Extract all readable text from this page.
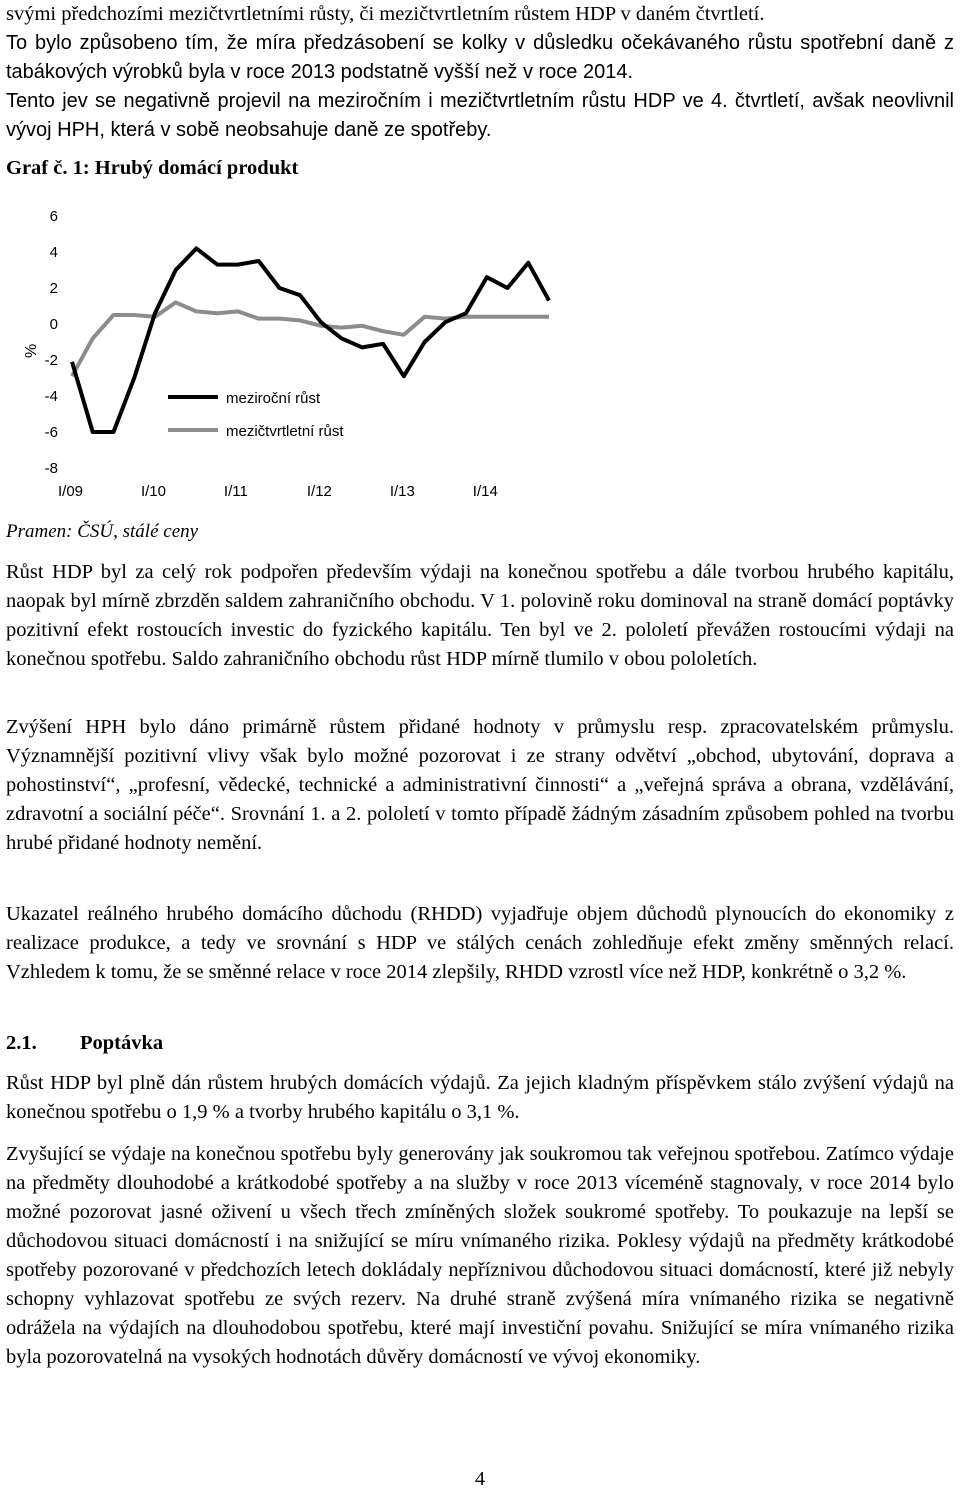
svými předchozími mezičtvrtletními růsty, či mezičtvrtletním růstem HDP v daném čtvrtletí.

To bylo způsobeno tím, že míra předzásobení se kolky v důsledku očekávaného růstu spotřební daně z tabákových výrobků byla v roce 2013 podstatně vyšší než v roce 2014.

Tento jev se negativně projevil na meziročním i mezičtvrtletním růstu HDP ve 4. čtvrtletí, avšak neovlivnil vývoj HPH, která v sobě neobsahuje daně ze spotřeby.

Graf č. 1: Hrubý domácí produkt
6
4
2
0
-2
-4
-6
-8
I/09	I/10	I/11	I/12	I/13	I/14
%
meziroční růst
mezičtvrtletní růst
Pramen: ČSÚ, stálé ceny

Růst HDP byl za celý rok podpořen především výdaji na konečnou spotřebu a dále tvorbou hrubého kapitálu, naopak byl mírně zbrzděn saldem zahraničního obchodu. V 1. polovině roku dominoval na straně domácí poptávky pozitivní efekt rostoucích investic do fyzického kapitálu. Ten byl ve 2. pololetí převážen rostoucími výdaji na konečnou spotřebu. Saldo zahraničního obchodu růst HDP mírně tlumilo v obou pololetích.

Zvýšení HPH bylo dáno primárně růstem přidané hodnoty v průmyslu resp. zpracovatelském průmyslu. Významnější pozitivní vlivy však bylo možné pozorovat i ze strany odvětví „obchod, ubytování, doprava a pohostinství“, „profesní, vědecké, technické a administrativní činnosti“ a „veřejná správa a obrana, vzdělávání, zdravotní a sociální péče“. Srovnání 1. a 2. pololetí v tomto případě žádným zásadním způsobem pohled na tvorbu hrubé přidané hodnoty nemění.

Ukazatel reálného hrubého domácího důchodu (RHDD) vyjadřuje objem důchodů plynoucích do ekonomiky z realizace produkce, a tedy ve srovnání s HDP ve stálých cenách zohledňuje efekt změny směnných relací. Vzhledem k tomu, že se směnné relace v roce 2014 zlepšily, RHDD vzrostl více než HDP, konkrétně o 3,2 %.

2.1.	Poptávka

Růst HDP byl plně dán růstem hrubých domácích výdajů. Za jejich kladným příspěvkem stálo zvýšení výdajů na konečnou spotřebu o 1,9 % a tvorby hrubého kapitálu o 3,1 %.

Zvyšující se výdaje na konečnou spotřebu byly generovány jak soukromou tak veřejnou spotřebou. Zatímco výdaje na předměty dlouhodobé a krátkodobé spotřeby a na služby v roce 2013 víceméně stagnovaly, v roce 2014 bylo možné pozorovat jasné oživení u všech třech zmíněných složek soukromé spotřeby. To poukazuje na lepší se důchodovou situaci domácností i na snižující se míru vnímaného rizika. Poklesy výdajů na předměty krátkodobé spotřeby pozorované v předchozích letech dokládaly nepříznivou důchodovou situaci domácností, které již nebyly schopny vyhlazovat spotřebu ze svých rezerv. Na druhé straně zvýšená míra vnímaného rizika se negativně odrážela na výdajích na dlouhodobou spotřebu, které mají investiční povahu. Snižující se míra vnímaného rizika byla pozorovatelná na vysokých hodnotách důvěry domácností ve vývoj ekonomiky.

4
